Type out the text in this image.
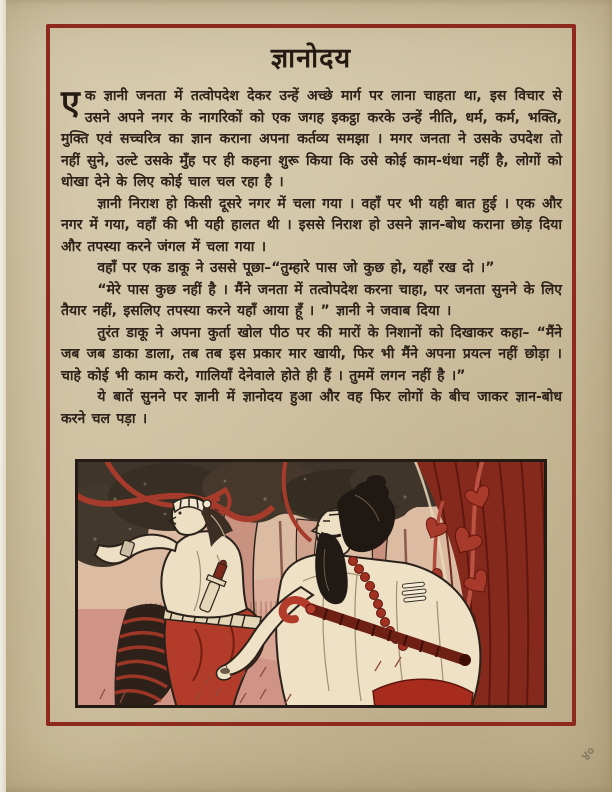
ज्ञानोदय

एक ज्ञानी जनता में तत्वोपदेश देकर उन्हें अच्छे मार्ग पर लाना चाहता था, इस विचार से उसने अपने नगर के नागरिकों को एक जगह इकट्ठा करके उन्हें नीति, धर्म, कर्म, भक्ति, मुक्ति एवं सच्चरित्र का ज्ञान कराना अपना कर्तव्य समझा । मगर जनता ने उसके उपदेश तो नहीं सुने, उल्टे उसके मुँह पर ही कहना शुरू किया कि उसे कोई काम-धंधा नहीं है, लोगों को धोखा देने के लिए कोई चाल चल रहा है ।

ज्ञानी निराश हो किसी दूसरे नगर में चला गया । वहाँ पर भी यही बात हुई । एक और नगर में गया, वहाँ की भी यही हालत थी । इससे निराश हो उसने ज्ञान-बोध कराना छोड़ दिया और तपस्या करने जंगल में चला गया ।

वहाँ पर एक डाकू ने उससे पूछा–“तुम्हारे पास जो कुछ हो, यहाँ रख दो ।”

“मेरे पास कुछ नहीं है । मैंने जनता में तत्वोपदेश करना चाहा, पर जनता सुनने के लिए तैयार नहीं, इसलिए तपस्या करने यहाँ आया हूँ । ” ज्ञानी ने जवाब दिया ।

तुरंत डाकू ने अपना कुर्ता खोल पीठ पर की मारों के निशानों को दिखाकर कहा– “मैंने जब जब डाका डाला, तब तब इस प्रकार मार खायी, फिर भी मैंने अपना प्रयत्न नहीं छोड़ा । चाहे कोई भी काम करो, गालियाँ देनेवाले होते ही हैं । तुममें लगन नहीं है ।”

ये बातें सुनने पर ज्ञानी में ज्ञानोदय हुआ और वह फिर लोगों के बीच जाकर ज्ञान-बोध करने चल पड़ा ।

४०
